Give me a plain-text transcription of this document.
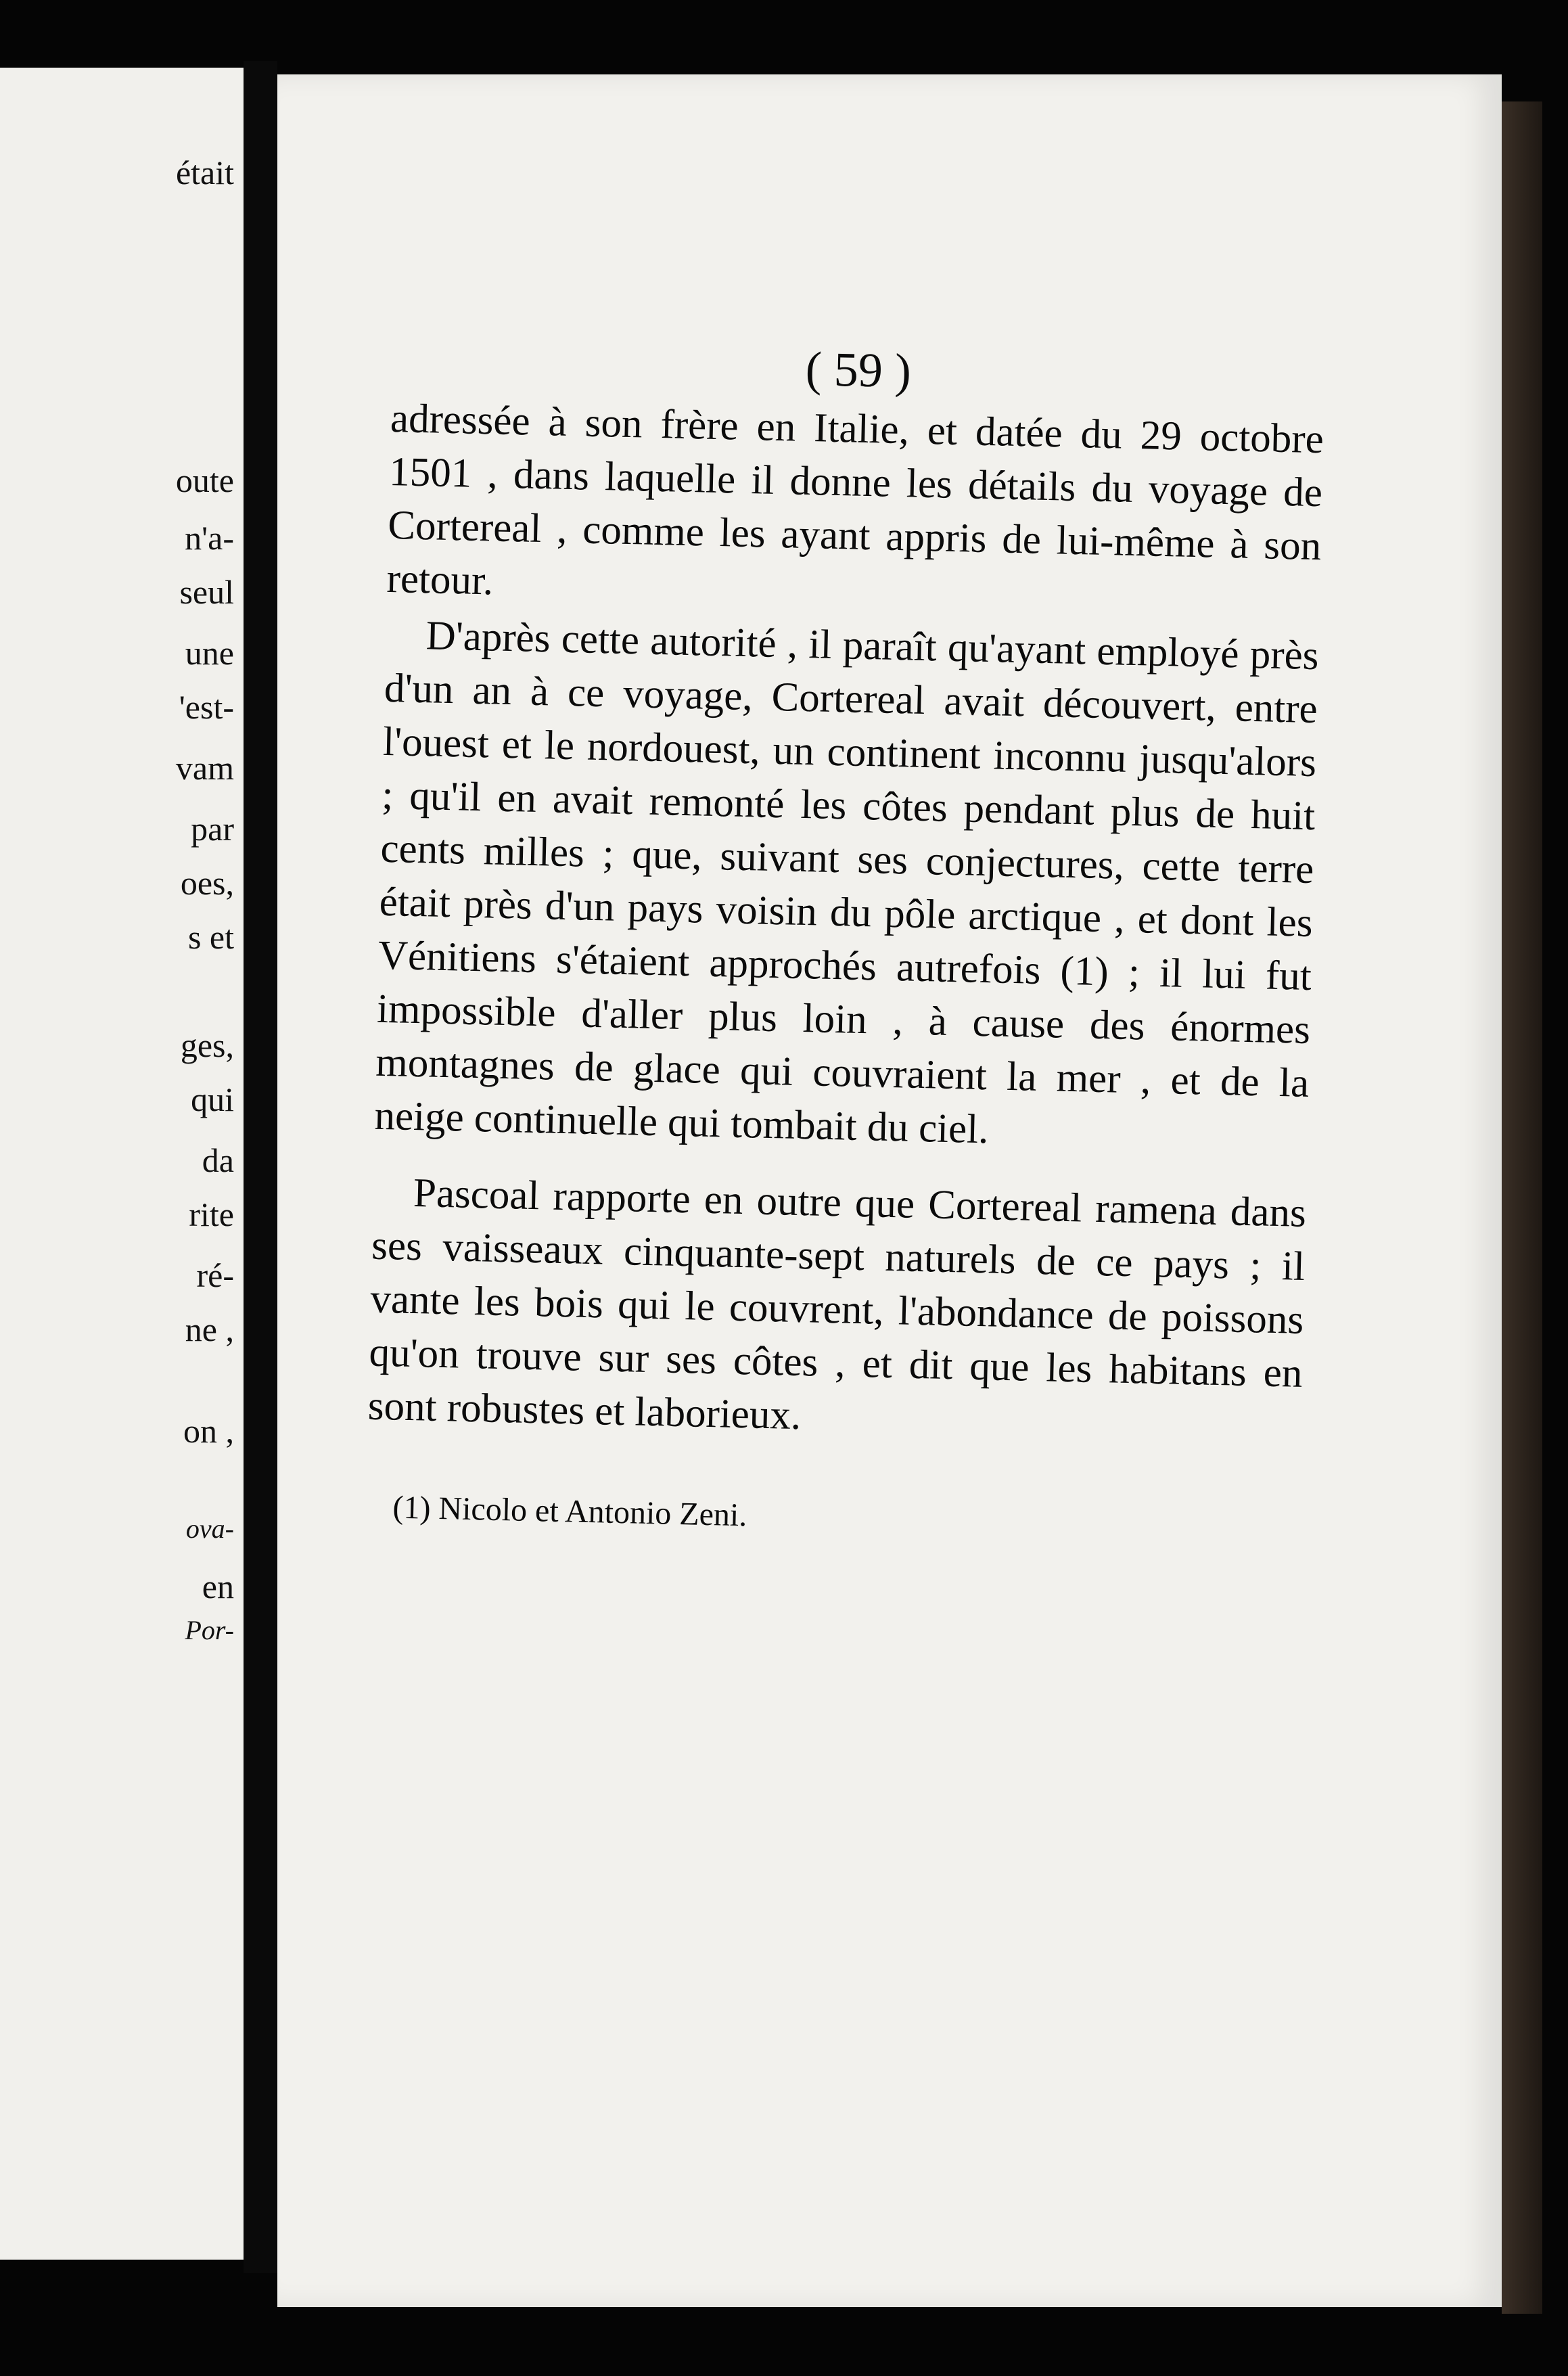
était

oute

n'a-

seul

une

'est-

vam

par

oes,

s et

ges,

qui

da

rite

ré-

ne ,

on ,

ova-

en

Por-

( 59 )

adressée à son frère en Italie, et datée du 29 octobre 1501 , dans laquelle il donne les détails du voyage de Cortereal , comme les ayant appris de lui-même à son retour.

D'après cette autorité , il paraît qu'ayant employé près d'un an à ce voyage, Cortereal avait découvert, entre l'ouest et le nordouest, un continent inconnu jusqu'alors ; qu'il en avait remonté les côtes pendant plus de huit cents milles ; que, suivant ses conjectures, cette terre était près d'un pays voisin du pôle arctique , et dont les Vénitiens s'étaient approchés autrefois (1) ; il lui fut impossible d'aller plus loin , à cause des énormes montagnes de glace qui couvraient la mer , et de la neige continuelle qui tombait du ciel.

Pascoal rapporte en outre que Cortereal ramena dans ses vaisseaux cinquante-sept naturels de ce pays ; il vante les bois qui le couvrent, l'abondance de poissons qu'on trouve sur ses côtes , et dit que les habitans en sont robustes et laborieux.

(1) Nicolo et Antonio Zeni.
